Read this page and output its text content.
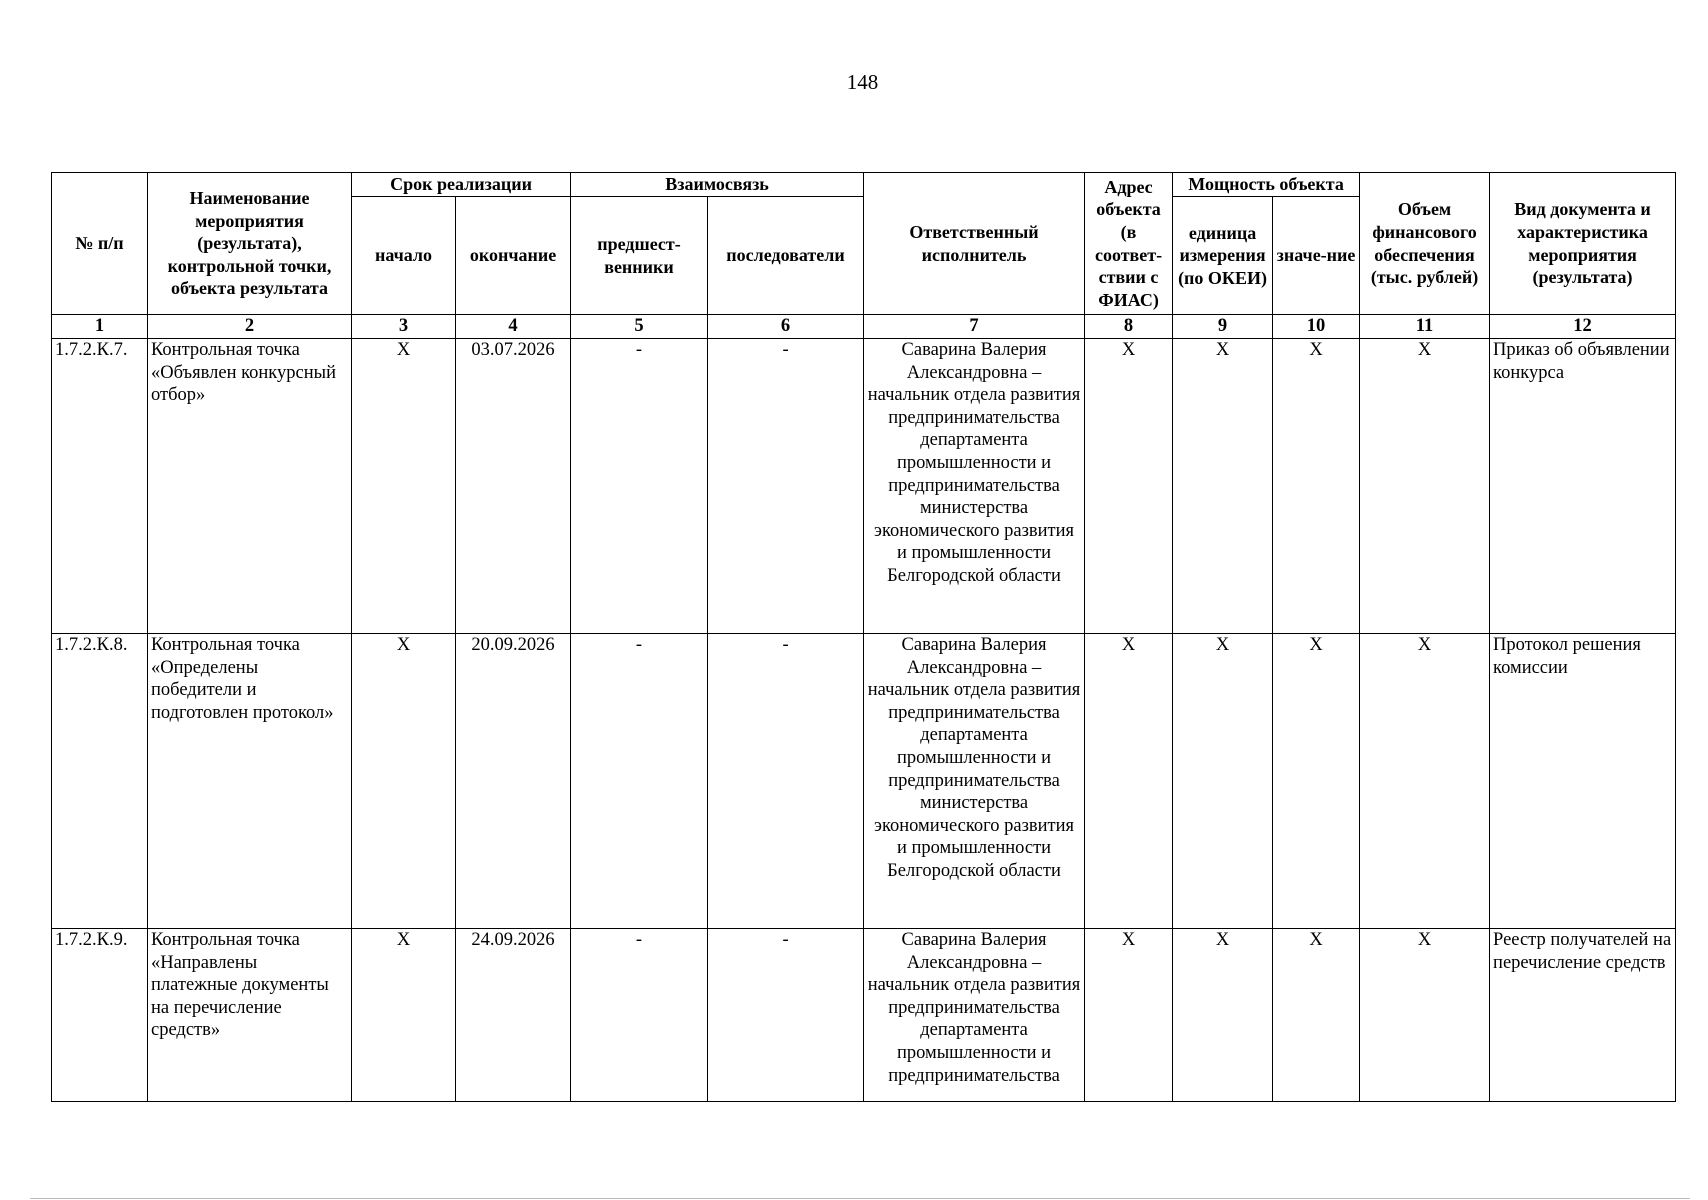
148
№ п/п	Наименование мероприятия (результата), контрольной точки, объекта результата	Срок реализации		Взаимосвязь		Ответственный исполнитель	Адрес объекта (в соответ-ствии с ФИАС)	Мощность объекта		Объем финансового обеспечения (тыс. рублей)	Вид документа и характеристика мероприятия (результата)
		начало	окончание	предшест-венники	последователи			единица измерения (по ОКЕИ)	значе-ние		
1	2	3	4	5	6	7	8	9	10	11	12
1.7.2.К.7.	Контрольная точка «Объявлен конкурсный отбор»	X	03.07.2026	-	-	Саварина Валерия Александровна – начальник отдела развития предпринимательства департамента промышленности и предпринимательства министерства экономического развития и промышленности Белгородской области	X	X	X	X	Приказ об объявлении конкурса
1.7.2.К.8.	Контрольная точка «Определены победители и подготовлен протокол»	X	20.09.2026	-	-	Саварина Валерия Александровна – начальник отдела развития предпринимательства департамента промышленности и предпринимательства министерства экономического развития и промышленности Белгородской области	X	X	X	X	Протокол решения комиссии
1.7.2.К.9.	Контрольная точка «Направлены платежные документы на перечисление средств»	X	24.09.2026	-	-	Саварина Валерия Александровна – начальник отдела развития предпринимательства департамента промышленности и предпринимательства	X	X	X	X	Реестр получателей на перечисление средств
